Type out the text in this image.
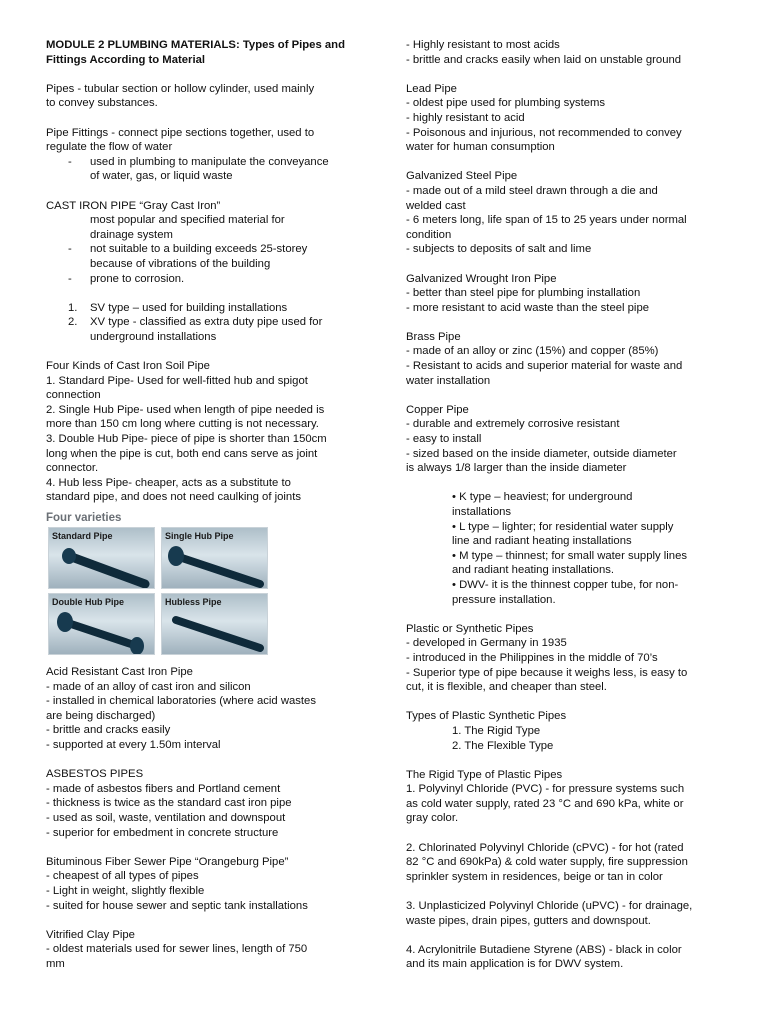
MODULE 2 PLUMBING MATERIALS: Types of Pipes and Fittings According to Material
Pipes - tubular section or hollow cylinder, used mainly
to convey substances.
Pipe Fittings - connect pipe sections together, used to
regulate the flow of water
- used in plumbing to manipulate the conveyance
of water, gas, or liquid waste
CAST IRON PIPE “Gray Cast Iron”
most popular and specified material for
drainage system
- not suitable to a building exceeds 25-storey
because of vibrations of the building
- prone to corrosion.
1. SV type – used for building installations
2. XV type - classified as extra duty pipe used for
underground installations
Four Kinds of Cast Iron Soil Pipe
1. Standard Pipe- Used for well-fitted hub and spigot
connection
2. Single Hub Pipe- used when length of pipe needed is
more than 150 cm long where cutting is not necessary.
3. Double Hub Pipe- piece of pipe is shorter than 150cm
long when the pipe is cut, both end cans serve as joint
connector.
4. Hub less Pipe- cheaper, acts as a substitute to
standard pipe, and does not need caulking of joints
Four varieties
Standard Pipe	Single Hub Pipe
Double Hub Pipe	Hubless Pipe
Acid Resistant Cast Iron Pipe
- made of an alloy of cast iron and silicon
- installed in chemical laboratories (where acid wastes
are being discharged)
- brittle and cracks easily
- supported at every 1.50m interval
ASBESTOS PIPES
- made of asbestos fibers and Portland cement
- thickness is twice as the standard cast iron pipe
- used as soil, waste, ventilation and downspout
- superior for embedment in concrete structure
Bituminous Fiber Sewer Pipe “Orangeburg Pipe”
- cheapest of all types of pipes
- Light in weight, slightly flexible
- suited for house sewer and septic tank installations
Vitrified Clay Pipe
- oldest materials used for sewer lines, length of 750
mm
- Highly resistant to most acids
- brittle and cracks easily when laid on unstable ground
Lead Pipe
- oldest pipe used for plumbing systems
- highly resistant to acid
- Poisonous and injurious, not recommended to convey
water for human consumption
Galvanized Steel Pipe
- made out of a mild steel drawn through a die and
welded cast
- 6 meters long, life span of 15 to 25 years under normal
condition
- subjects to deposits of salt and lime
Galvanized Wrought Iron Pipe
- better than steel pipe for plumbing installation
- more resistant to acid waste than the steel pipe
Brass Pipe
- made of an alloy or zinc (15%) and copper (85%)
- Resistant to acids and superior material for waste and
water installation
Copper Pipe
- durable and extremely corrosive resistant
- easy to install
- sized based on the inside diameter, outside diameter
is always 1/8 larger than the inside diameter
• K type – heaviest; for underground
installations
• L type – lighter; for residential water supply
line and radiant heating installations
• M type – thinnest; for small water supply lines
and radiant heating installations.
• DWV- it is the thinnest copper tube, for non-
pressure installation.
Plastic or Synthetic Pipes
- developed in Germany in 1935
- introduced in the Philippines in the middle of 70’s
- Superior type of pipe because it weighs less, is easy to
cut, it is flexible, and cheaper than steel.
Types of Plastic Synthetic Pipes
1. The Rigid Type
2. The Flexible Type
The Rigid Type of Plastic Pipes
1. Polyvinyl Chloride (PVC) - for pressure systems such
as cold water supply, rated 23 °C and 690 kPa, white or
gray color.
2. Chlorinated Polyvinyl Chloride (cPVC) - for hot (rated
82 °C and 690kPa) & cold water supply, fire suppression
sprinkler system in residences, beige or tan in color
3. Unplasticized Polyvinyl Chloride (uPVC) - for drainage,
waste pipes, drain pipes, gutters and downspout.
4. Acrylonitrile Butadiene Styrene (ABS) - black in color
and its main application is for DWV system.
